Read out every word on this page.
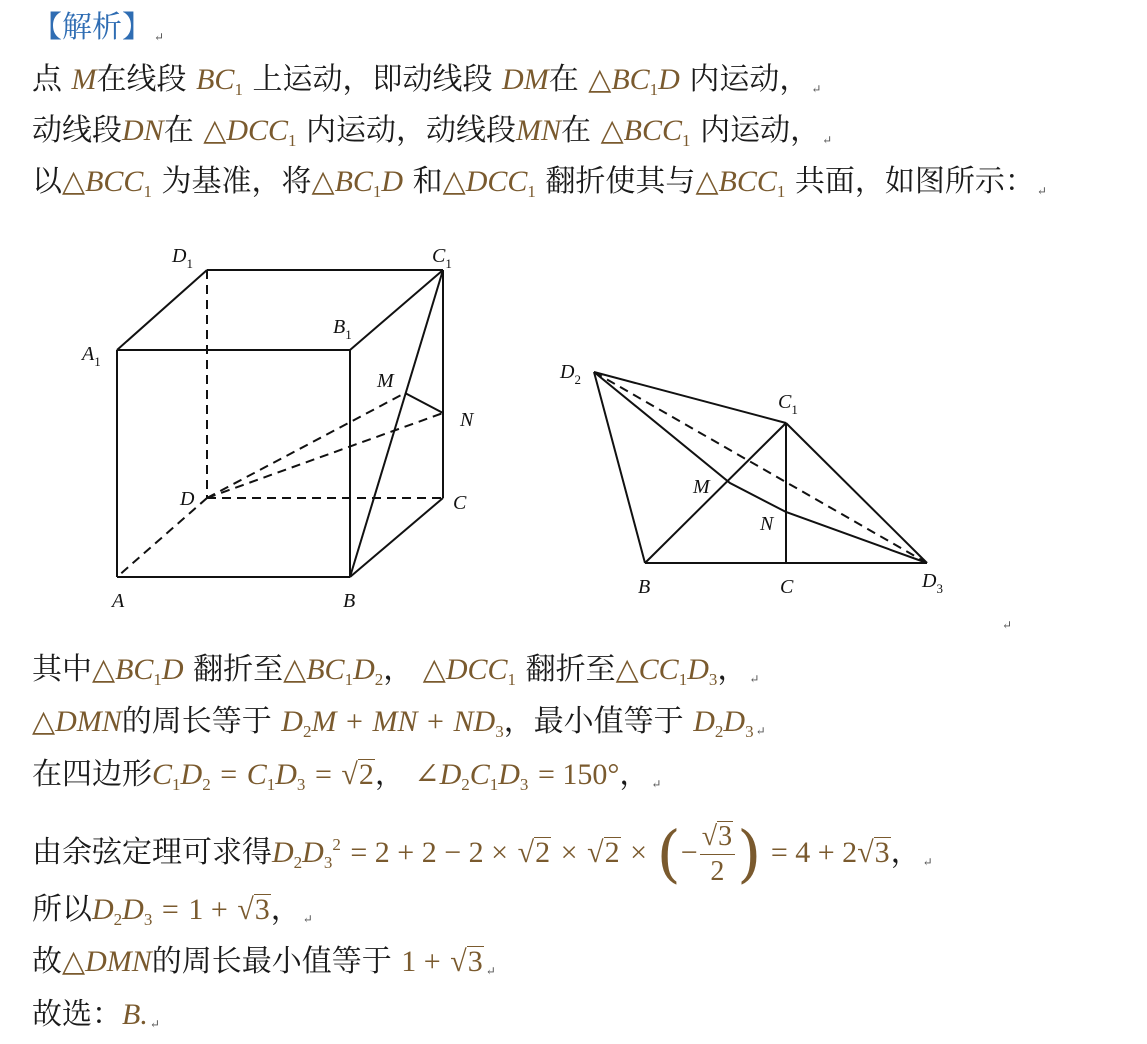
【解析】 ↵
点 M在线段 $BC_1$ 上运动，即动线段 DM在 $\triangle BC_1D$ 内运动， ↵
动线段DN在 $\triangle DCC_1$ 内运动，动线段MN在 $\triangle BCC_1$ 内运动， ↵
以$\triangle BCC_1$ 为基准，将$\triangle BC_1D$ 和$\triangle DCC_1$ 翻折使其与$\triangle BCC_1$ 共面，如图所示： ↵
$D_1$	$C_1$
$A_1$
$B_1$
M
N
D	C
A	B
$D_2$
$C_1$
M
N
B	C	$D_3$
↵
其中$\triangle BC_1D$ 翻折至$\triangle BC_1D_2$， $\triangle DCC_1$ 翻折至$\triangle CC_1D_3$， ↵
△DMN的周长等于 $D_2M$ + MN + $ND_3$，最小值等于 $D_2D_3$ ↵
在四边形$C_1D_2 = C_1D_3 = √2$， $\angle D_2C_1D_3 = 150^\circ$， ↵
由余弦定理可求得$D_2D_3^2 = 2 + 2 - 2 \times √2 \times √2$ × (− $\frac{√3}{2}$ ) = 4 + 2√3， ↵
所以$D_2D_3 = 1 + √3$， ↵
故△DMN的周长最小值等于 1 + √3 ↵
故选：B. ↵
